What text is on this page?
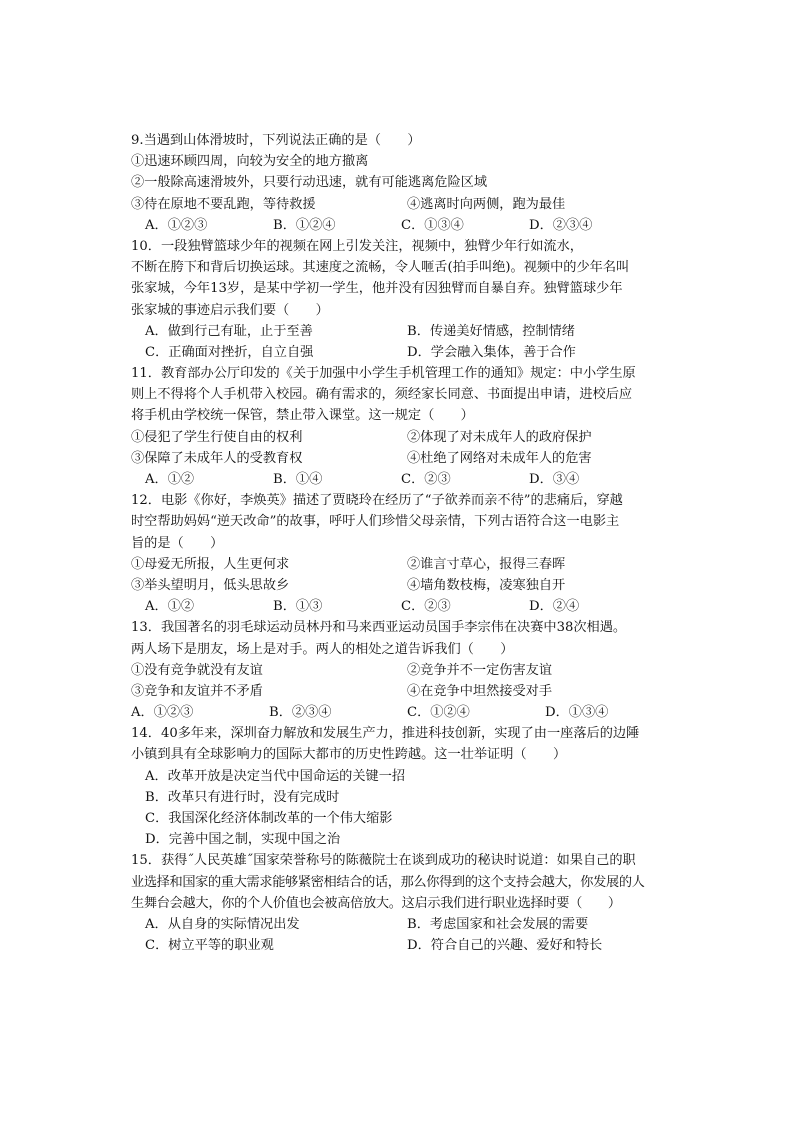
9.当遇到山体滑坡时，下列说法正确的是（　　）
①迅速环顾四周，向较为安全的地方撤离
②一般除高速滑坡外，只要行动迅速，就有可能逃离危险区域
③待在原地不要乱跑，等待救援	④逃离时向两侧，跑为最佳
A．①②③	B．①②④	C．①③④	D．②③④
10．一段独臂篮球少年的视频在网上引发关注，视频中，独臂少年行如流水，
不断在胯下和背后切换运球。其速度之流畅，令人咂舌(拍手叫绝)。视频中的少年名叫
张家城，今年13岁，是某中学初一学生，他并没有因独臂而自暴自弃。独臂篮球少年
张家城的事迹启示我们要（　　）
A．做到行己有耻，止于至善	B．传递美好情感，控制情绪
C．正确面对挫折，自立自强	D．学会融入集体，善于合作
11．教育部办公厅印发的《关于加强中小学生手机管理工作的通知》规定：中小学生原
则上不得将个人手机带入校园。确有需求的，须经家长同意、书面提出申请，进校后应
将手机由学校统一保管，禁止带入课堂。这一规定（　　）
①侵犯了学生行使自由的权利	②体现了对未成年人的政府保护
③保障了未成年人的受教育权	④杜绝了网络对未成年人的危害
A．①②	B．①④	C．②③	D．③④
12．电影《你好，李焕英》描述了贾晓玲在经历了“子欲养而亲不待”的悲痛后，穿越
时空帮助妈妈“逆天改命”的故事，呼吁人们珍惜父母亲情，下列古语符合这一电影主
旨的是（　　）
①母爱无所报，人生更何求	②谁言寸草心，报得三春晖
③举头望明月，低头思故乡	④墙角数枝梅，凌寒独自开
A．①②	B．①③	C．②③	D．②④
13．我国著名的羽毛球运动员林丹和马来西亚运动员国手李宗伟在决赛中38次相遇。
两人场下是朋友，场上是对手。两人的相处之道告诉我们（　　）
①没有竞争就没有友谊	②竞争并不一定伤害友谊
③竞争和友谊并不矛盾	④在竞争中坦然接受对手
A．①②③	B．②③④	C．①②④	D．①③④
14．40多年来，深圳奋力解放和发展生产力，推进科技创新，实现了由一座落后的边陲
小镇到具有全球影响力的国际大都市的历史性跨越。这一壮举证明（　　）
A．改革开放是决定当代中国命运的关键一招
B．改革只有进行时，没有完成时
C．我国深化经济体制改革的一个伟大缩影
D．完善中国之制，实现中国之治
15．获得˝人民英雄˝国家荣誉称号的陈薇院士在谈到成功的秘诀时说道：如果自己的职
业选择和国家的重大需求能够紧密相结合的话，那么你得到的这个支持会越大，你发展的人
生舞台会越大，你的个人价值也会被高倍放大。这启示我们进行职业选择时要（　　）
A．从自身的实际情况出发	B．考虑国家和社会发展的需要
C．树立平等的职业观	D．符合自己的兴趣、爱好和特长
